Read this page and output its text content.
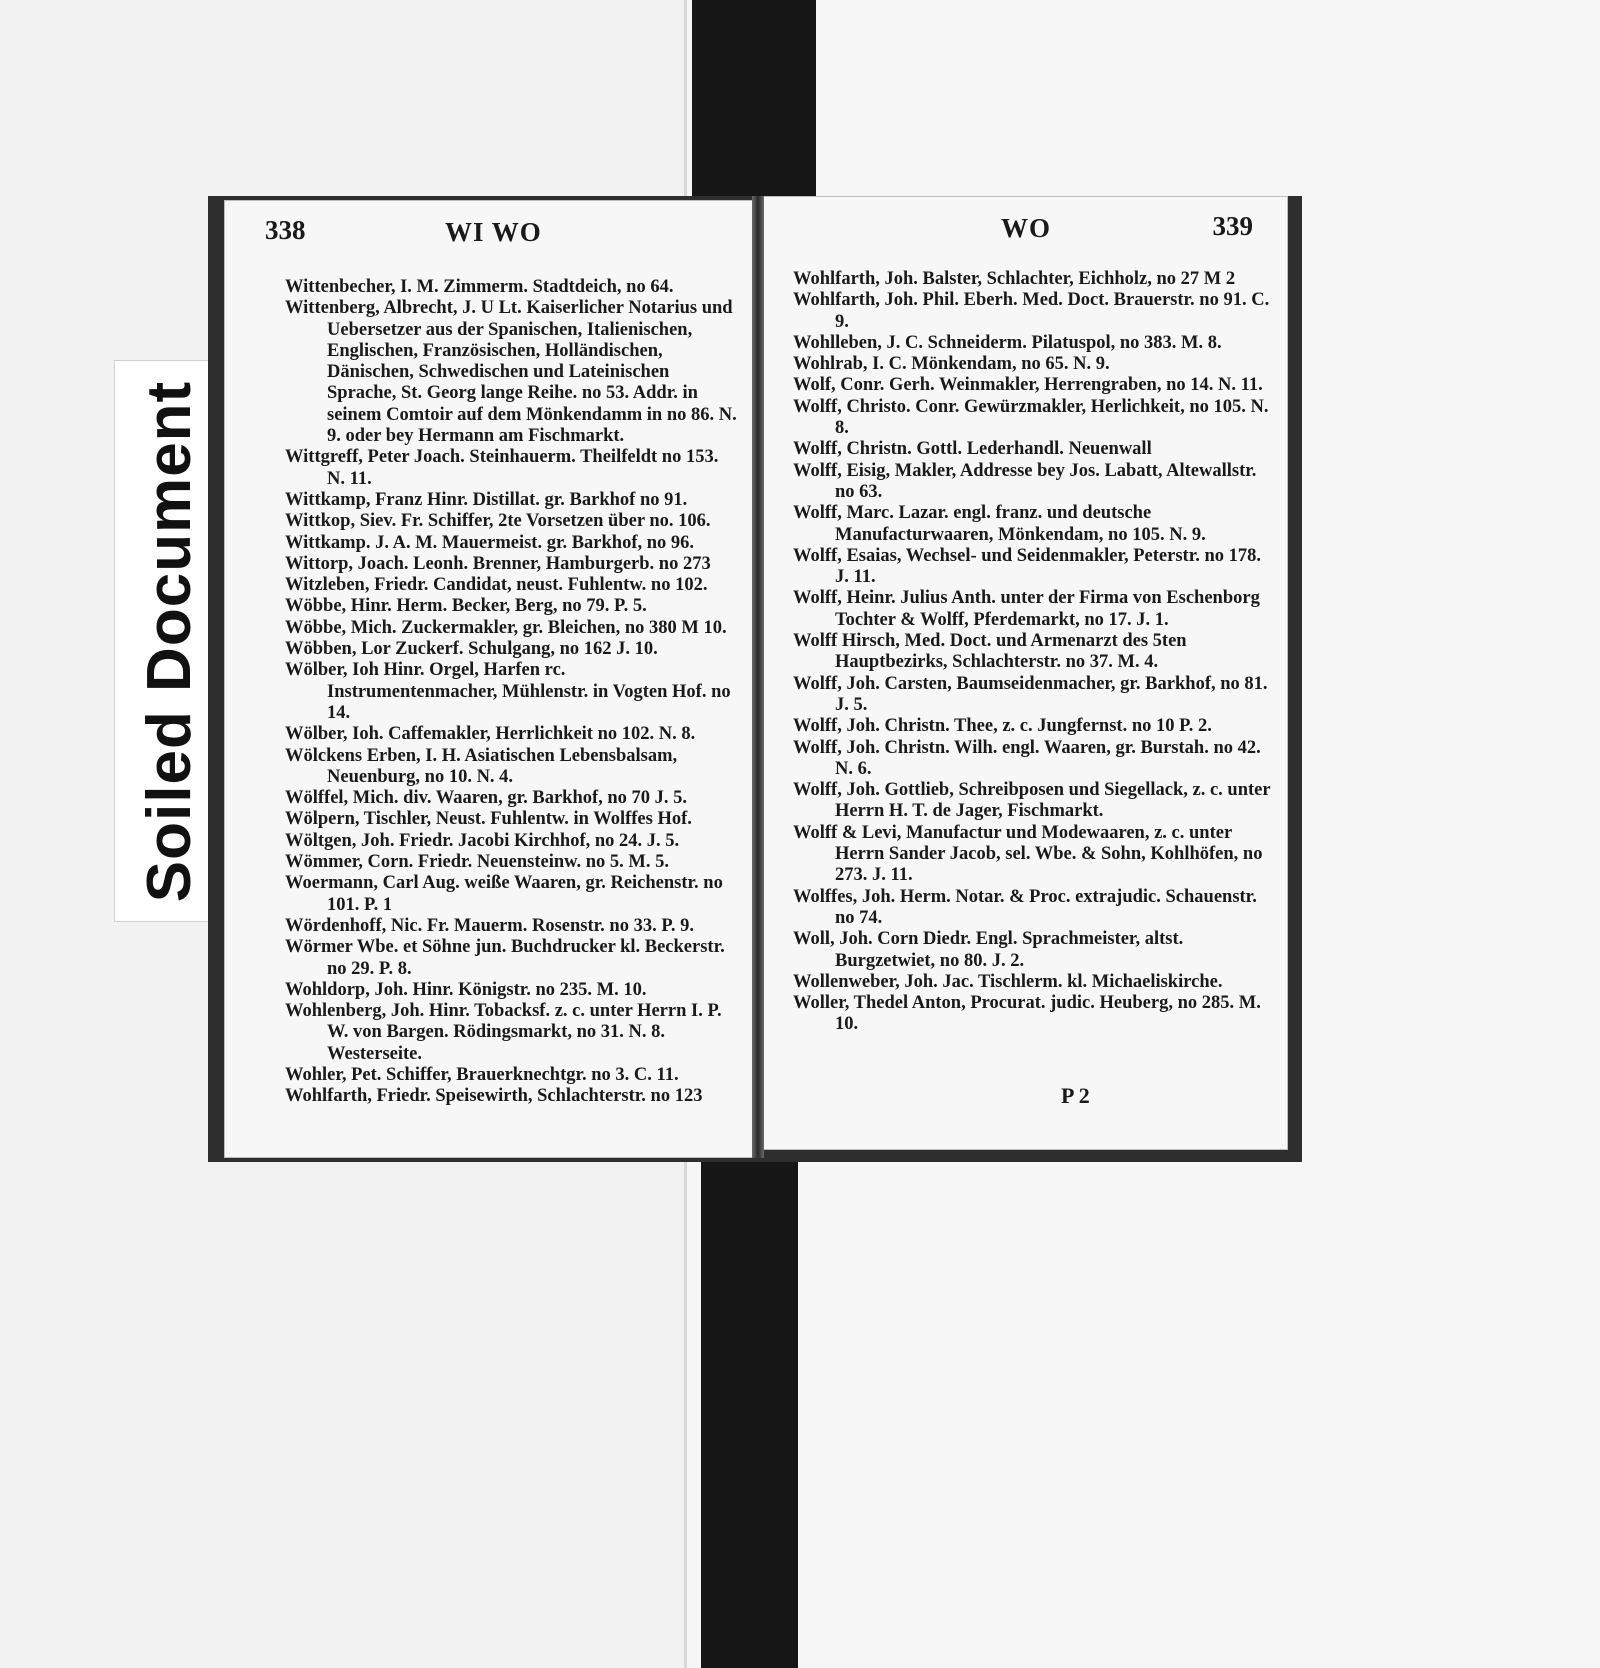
Soiled Document
338	WI WO
Wittenbecher, I. M. Zimmerm. Stadtdeich, no 64.
Wittenberg, Albrecht, J. U Lt. Kaiserlicher Notarius und Uebersetzer aus der Spanischen, Italienischen, Englischen, Französischen, Holländischen, Dänischen, Schwedischen und Lateinischen Sprache, St. Georg lange Reihe. no 53. Addr. in seinem Comtoir auf dem Mönkendamm in no 86. N. 9. oder bey Hermann am Fischmarkt.
Wittgreff, Peter Joach. Steinhauerm. Theilfeldt no 153. N. 11.
Wittkamp, Franz Hinr. Distillat. gr. Barkhof no 91.
Wittkop, Siev. Fr. Schiffer, 2te Vorsetzen über no. 106.
Wittkamp. J. A. M. Mauermeist. gr. Barkhof, no 96.
Wittorp, Joach. Leonh. Brenner, Hamburgerb. no 273
Witzleben, Friedr. Candidat, neust. Fuhlentw. no 102.
Wöbbe, Hinr. Herm. Becker, Berg, no 79. P. 5.
Wöbbe, Mich. Zuckermakler, gr. Bleichen, no 380 M 10.
Wöbben, Lor Zuckerf. Schulgang, no 162 J. 10.
Wölber, Ioh Hinr. Orgel, Harfen rc. Instrumentenmacher, Mühlenstr. in Vogten Hof. no 14.
Wölber, Ioh. Caffemakler, Herrlichkeit no 102. N. 8.
Wölckens Erben, I. H. Asiatischen Lebensbalsam, Neuenburg, no 10. N. 4.
Wölffel, Mich. div. Waaren, gr. Barkhof, no 70 J. 5.
Wölpern, Tischler, Neust. Fuhlentw. in Wolffes Hof.
Wöltgen, Joh. Friedr. Jacobi Kirchhof, no 24. J. 5.
Wömmer, Corn. Friedr. Neuensteinw. no 5. M. 5.
Woermann, Carl Aug. weiße Waaren, gr. Reichenstr. no 101. P. 1
Wördenhoff, Nic. Fr. Mauerm. Rosenstr. no 33. P. 9.
Wörmer Wbe. et Söhne jun. Buchdrucker kl. Beckerstr. no 29. P. 8.
Wohldorp, Joh. Hinr. Königstr. no 235. M. 10.
Wohlenberg, Joh. Hinr. Tobacksf. z. c. unter Herrn I. P. W. von Bargen. Rödingsmarkt, no 31. N. 8. Westerseite.
Wohler, Pet. Schiffer, Brauerknechtgr. no 3. C. 11.
Wohlfarth, Friedr. Speisewirth, Schlachterstr. no 123
WO	339
Wohlfarth, Joh. Balster, Schlachter, Eichholz, no 27 M 2
Wohlfarth, Joh. Phil. Eberh. Med. Doct. Brauerstr. no 91. C. 9.
Wohlleben, J. C. Schneiderm. Pilatuspol, no 383. M. 8.
Wohlrab, I. C. Mönkendam, no 65. N. 9.
Wolf, Conr. Gerh. Weinmakler, Herrengraben, no 14. N. 11.
Wolff, Christo. Conr. Gewürzmakler, Herlichkeit, no 105. N. 8.
Wolff, Christn. Gottl. Lederhandl. Neuenwall
Wolff, Eisig, Makler, Addresse bey Jos. Labatt, Altewallstr. no 63.
Wolff, Marc. Lazar. engl. franz. und deutsche Manufacturwaaren, Mönkendam, no 105. N. 9.
Wolff, Esaias, Wechsel- und Seidenmakler, Peterstr. no 178. J. 11.
Wolff, Heinr. Julius Anth. unter der Firma von Eschenborg Tochter & Wolff, Pferdemarkt, no 17. J. 1.
Wolff Hirsch, Med. Doct. und Armenarzt des 5ten Hauptbezirks, Schlachterstr. no 37. M. 4.
Wolff, Joh. Carsten, Baumseidenmacher, gr. Barkhof, no 81. J. 5.
Wolff, Joh. Christn. Thee, z. c. Jungfernst. no 10 P. 2.
Wolff, Joh. Christn. Wilh. engl. Waaren, gr. Burstah. no 42. N. 6.
Wolff, Joh. Gottlieb, Schreibposen und Siegellack, z. c. unter Herrn H. T. de Jager, Fischmarkt.
Wolff & Levi, Manufactur und Modewaaren, z. c. unter Herrn Sander Jacob, sel. Wbe. & Sohn, Kohlhöfen, no 273. J. 11.
Wolffes, Joh. Herm. Notar. & Proc. extrajudic. Schauenstr. no 74.
Woll, Joh. Corn Diedr. Engl. Sprachmeister, altst. Burgzetwiet, no 80. J. 2.
Wollenweber, Joh. Jac. Tischlerm. kl. Michaeliskirche.
Woller, Thedel Anton, Procurat. judic. Heuberg, no 285. M. 10.
P 2
